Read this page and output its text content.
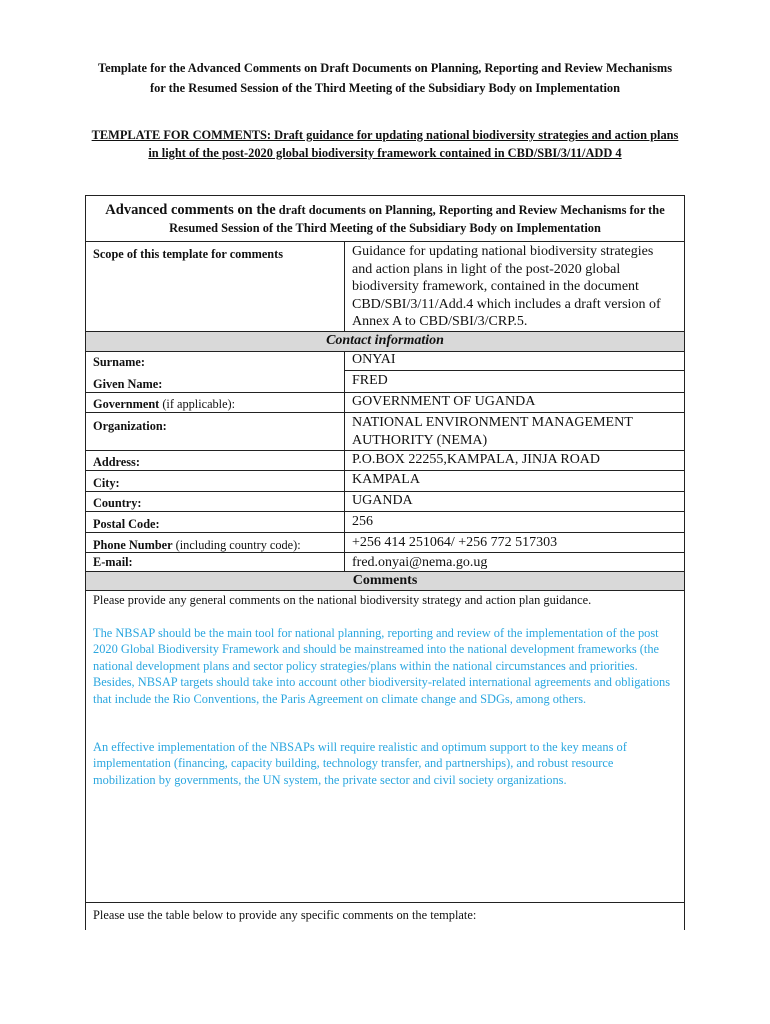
Template for the Advanced Comments on Draft Documents on Planning, Reporting and Review Mechanisms for the Resumed Session of the Third Meeting of the Subsidiary Body on Implementation
TEMPLATE FOR COMMENTS: Draft guidance for updating national biodiversity strategies and action plans in light of the post-2020 global biodiversity framework contained in CBD/SBI/3/11/ADD 4
Advanced comments on the draft documents on Planning, Reporting and Review Mechanisms for the Resumed Session of the Third Meeting of the Subsidiary Body on Implementation
Scope of this template for comments	Guidance for updating national biodiversity strategies and action plans in light of the post-2020 global biodiversity framework, contained in the document CBD/SBI/3/11/Add.4 which includes a draft version of Annex A to CBD/SBI/3/CRP.5.
Contact information
Surname:	ONYAI
Given Name:	FRED
Government (if applicable):	GOVERNMENT OF UGANDA
Organization:	NATIONAL ENVIRONMENT MANAGEMENT AUTHORITY (NEMA)
Address:	P.O.BOX 22255,KAMPALA, JINJA ROAD
City:	KAMPALA
Country:	UGANDA
Postal Code:	256
Phone Number (including country code):	+256 414 251064/ +256 772 517303
E-mail:	fred.onyai@nema.go.ug
Comments
Please provide any general comments on the national biodiversity strategy and action plan guidance.
The NBSAP should be the main tool for national planning, reporting and review of the implementation of the post 2020 Global Biodiversity Framework and should be mainstreamed into the national development frameworks (the national development plans and sector policy strategies/plans within the national circumstances and priorities. Besides, NBSAP targets should take into account other biodiversity-related international agreements and obligations that include the Rio Conventions, the Paris Agreement on climate change and SDGs, among others.
An effective implementation of the NBSAPs will require realistic and optimum support to the key means of implementation (financing, capacity building, technology transfer, and partnerships), and robust resource mobilization by governments, the UN system, the private sector and civil society organizations.
Please use the table below to provide any specific comments on the template:
